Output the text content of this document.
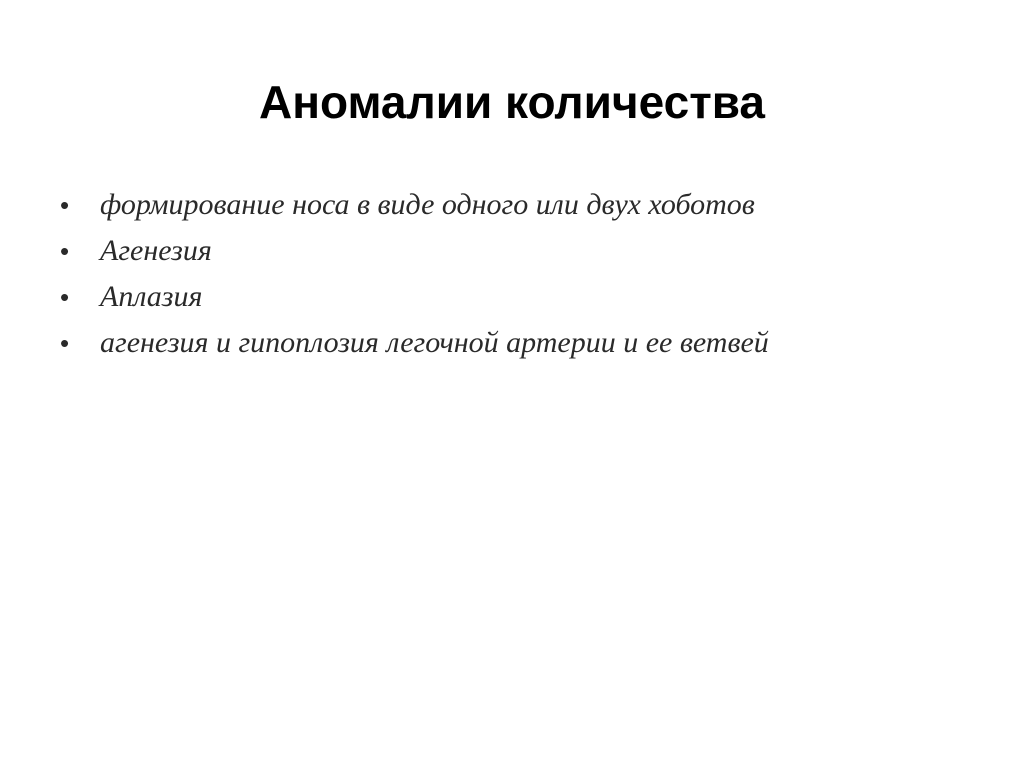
Аномалии количества
•	формирование носа в виде одного или двух хоботов
•	Агенезия
•	Аплазия
•	агенезия и гипоплозия легочной артерии и ее ветвей
